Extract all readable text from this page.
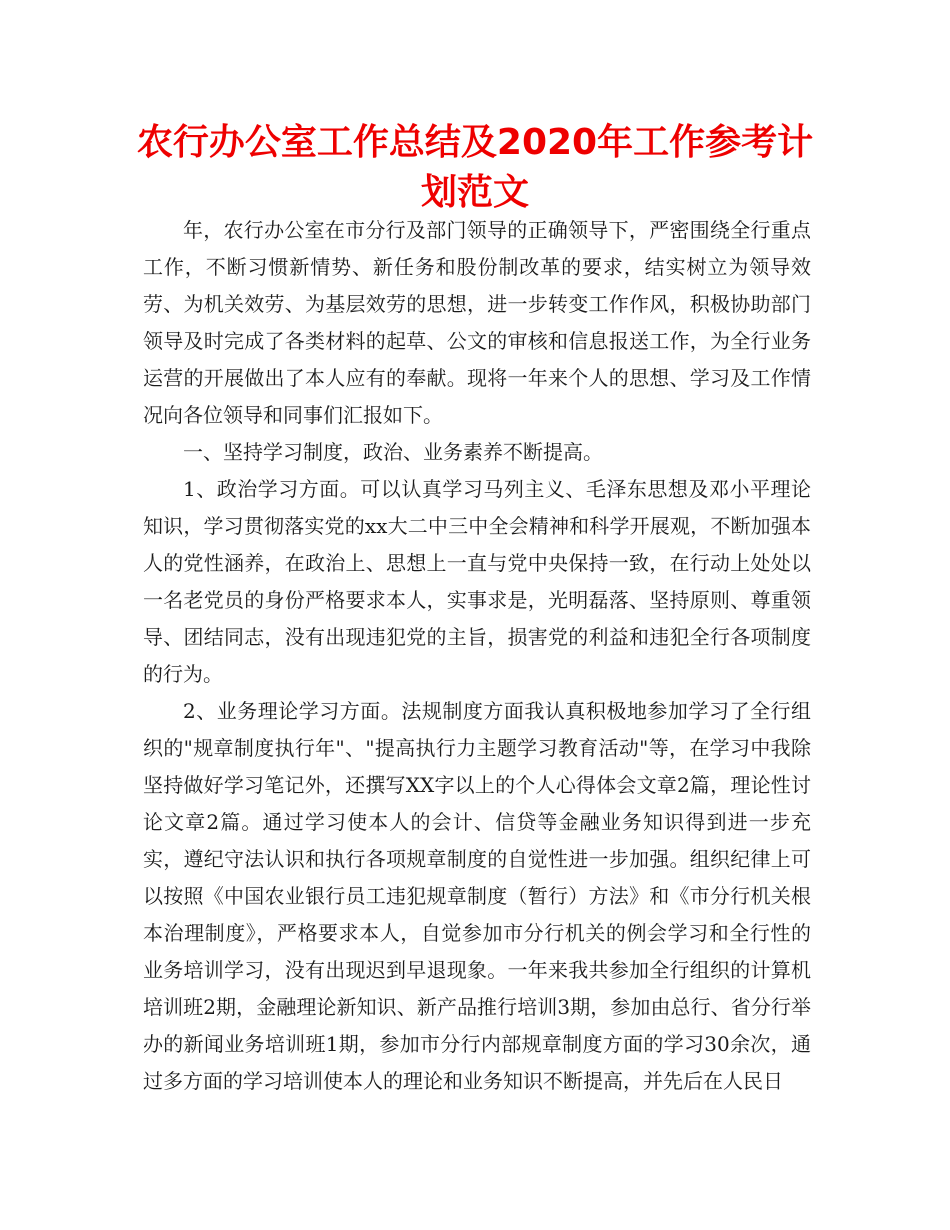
农行办公室工作总结及2020年工作参考计划范文

年，农行办公室在市分行及部门领导的正确领导下，严密围绕全行重点工作，不断习惯新情势、新任务和股份制改革的要求，结实树立为领导效劳、为机关效劳、为基层效劳的思想，进一步转变工作作风，积极协助部门领导及时完成了各类材料的起草、公文的审核和信息报送工作，为全行业务运营的开展做出了本人应有的奉献。现将一年来个人的思想、学习及工作情况向各位领导和同事们汇报如下。

一、坚持学习制度，政治、业务素养不断提高。

1、政治学习方面。可以认真学习马列主义、毛泽东思想及邓小平理论知识，学习贯彻落实党的xx大二中三中全会精神和科学开展观，不断加强本人的党性涵养，在政治上、思想上一直与党中央保持一致，在行动上处处以一名老党员的身份严格要求本人，实事求是，光明磊落、坚持原则、尊重领导、团结同志，没有出现违犯党的主旨，损害党的利益和违犯全行各项制度的行为。

2、业务理论学习方面。法规制度方面我认真积极地参加学习了全行组织的"规章制度执行年"、"提高执行力主题学习教育活动"等，在学习中我除坚持做好学习笔记外，还撰写XX字以上的个人心得体会文章2篇，理论性讨论文章2篇。通过学习使本人的会计、信贷等金融业务知识得到进一步充实，遵纪守法认识和执行各项规章制度的自觉性进一步加强。组织纪律上可以按照《中国农业银行员工违犯规章制度（暂行）方法》和《市分行机关根本治理制度》，严格要求本人，自觉参加市分行机关的例会学习和全行性的业务培训学习，没有出现迟到早退现象。一年来我共参加全行组织的计算机培训班2期，金融理论新知识、新产品推行培训3期，参加由总行、省分行举办的新闻业务培训班1期，参加市分行内部规章制度方面的学习30余次，通过多方面的学习培训使本人的理论和业务知识不断提高，并先后在人民日
